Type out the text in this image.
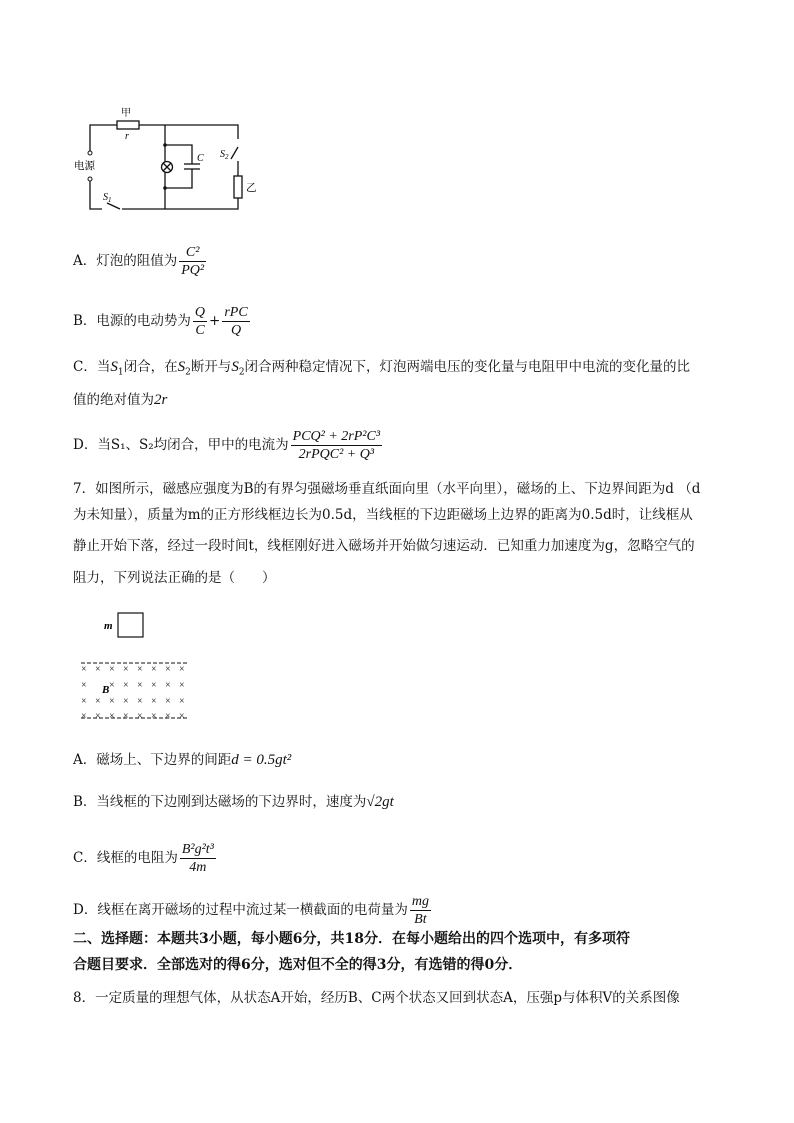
甲
r
电源
$S_1$
$S_2$
C
乙
A．灯泡的阻值为 $\frac{\text{C²}}{\text{PQ²}}$
B．电源的电动势为 $\frac{Q}{C} + \frac{\text{rPC}}{Q}$
C．当$S_1$闭合，在$S_2$断开与$S_2$闭合两种稳定情况下，灯泡两端电压的变化量与电阻甲中电流的变化量的比
值的绝对值为2r
D．当S₁、S₂均闭合，甲中的电流为 $\frac{\text{PCQ² + 2rP²C³}}{\text{2rPQC² + Q³}}$
7．如图所示，磁感应强度为B的有界匀强磁场垂直纸面向里（水平向里），磁场的上、下边界间距为d （d
为未知量），质量为m的正方形线框边长为0.5d，当线框的下边距磁场上边界的距离为0.5d时，让线框从
静止开始下落，经过一段时间t，线框刚好进入磁场并开始做匀速运动．已知重力加速度为g，忽略空气的
阻力，下列说法正确的是（　　）
m
× × × × × × × ×
× × × × × × ×
× × × × × × × ×
× × × × × × × ×
B
A．磁场上、下边界的间距d = 0.5gt²
B．当线框的下边刚到达磁场的下边界时，速度为√2gt
C．线框的电阻为 $\frac{\text{B²g²t³}}{4m}$
D．线框在离开磁场的过程中流过某一横截面的电荷量为 $\frac{mg}{Bt}$
二、选择题：本题共3小题，每小题6分，共18分．在每小题给出的四个选项中，有多项符
合题目要求．全部选对的得6分，选对但不全的得3分，有选错的得0分．
8．一定质量的理想气体，从状态A开始，经历B、C两个状态又回到状态A，压强p与体积V的关系图像
